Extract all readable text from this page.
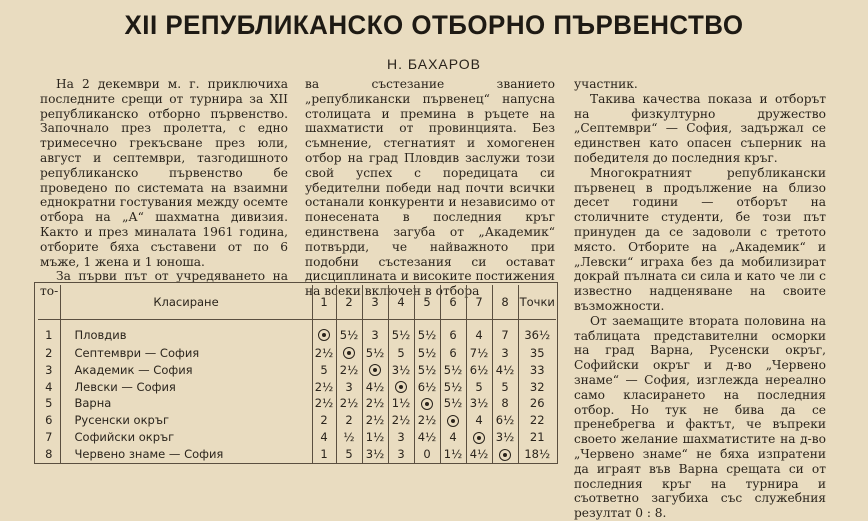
XII РЕПУБЛИКАНСКО ОТБОРНО ПЪРВЕНСТВО
Н. БАХАРОВ

На 2 декември м. г. приключиха последните срещи от турнира за XII републиканско отборно първенство. Започнало през пролетта, с едно тримесечно грекъсване през юли, август и септември, тазгодишното републиканско първенство бе проведено по системата на взаимни еднократни гостувания между осемте отбора на „А“ шахматна дивизия. Както и през миналата 1961 година, отборите бяха съставени от по 6 мъже, 1 жена и 1 юноша.

За първи път от учредяването на то-

ва състезание званието „републикански първенец“ напусна столицата и премина в ръцете на шахматисти от провинцията. Без съмнение, стегнатият и хомогенен отбор на град Пловдив заслужи този свой успех с поредицата си убедителни победи над почти всички останали конкуренти и независимо от понесената в последния кръг единствена загуба от „Академик“ потвърди, че найважното при подобни състезания си остават дисциплината и високите постижения на всеки включен в отбора

участник.

Такива качества показа и отборът на физкултурно дружество „Септември“ — София, задържал се единствен като опасен съперник на победителя до последния кръг.

Многократният републикански първенец в продължение на близо десет години — отборът на столичните студенти, бе този път принуден да се задоволи с третото място. Отборите на „Академик“ и „Левски“ играха без да мобилизират докрай пълната си сила и като че ли с известно надценяване на своите възможности.

От заемащите втората половина на таблицата представителни осморки на град Варна, Русенски окръг, Софийски окръг и д-во „Червено знаме“ — София, изглежда нереално само класирането на последния отбор. Но тук не бива да се пренебрегва и фактът, че въпреки своето желание шахматистите на д-во „Червено знаме“ не бяха изпратени да играят във Варна срещата си от последния кръг на турнира и съответно загубиха със служебния резултат 0 : 8.

	Класиране	1	2	3	4	5	6	7	8	Точки
1	Пловдив		5½	3	5½	5½	6	4	7	36½
2	Септември — София	2½		5½	5	5½	6	7½	3	35
3	Академик — София	5	2½		3½	5½	5½	6½	4½	33
4	Левски — София	2½	3	4½		6½	5½	5	5	32
5	Варна	2½	2½	2½	1½		5½	3½	8	26
6	Русенски окръг	2	2	2½	2½	2½		4	6½	22
7	Софийски окръг	4	½	1½	3	4½	4		3½	21
8	Червено знаме — София	1	5	3½	3	0	1½	4½		18½
